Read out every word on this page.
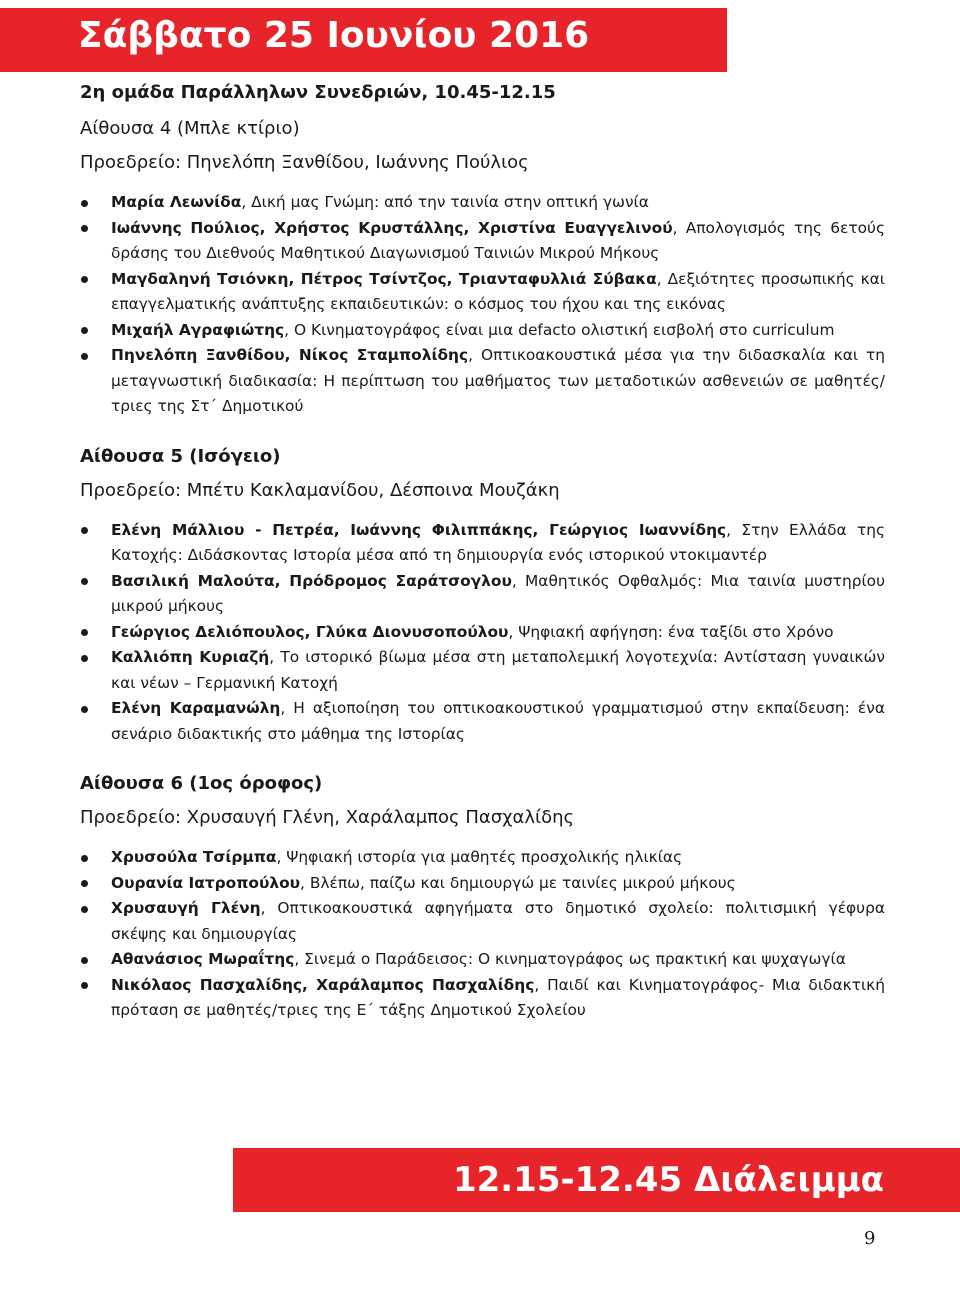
Σάββατο 25 Ιουνίου 2016
2η ομάδα Παράλληλων Συνεδριών, 10.45-12.15
Αίθουσα 4 (Μπλε κτίριο)

Προεδρείο: Πηνελόπη Ξανθίδου, Ιωάννης Πούλιος

Μαρία Λεωνίδα, Δική μας Γνώμη: από την ταινία στην οπτική γωνία
Ιωάννης Πούλιος, Χρήστος Κρυστάλλης, Χριστίνα Ευαγγελινού, Απολογισμός της 6ετούς δράσης του Διεθνούς Μαθητικού Διαγωνισμού Ταινιών Μικρού Μήκους
Μαγδαληνή Τσιόνκη, Πέτρος Τσίντζος, Τριανταφυλλιά Σύβακα, Δεξιότητες προσωπικής και επαγγελματικής ανάπτυξης εκπαιδευτικών: ο κόσμος του ήχου και της εικόνας
Μιχαήλ Αγραφιώτης, Ο Κινηματογράφος είναι μια defacto ολιστική εισβολή στο curriculum
Πηνελόπη Ξανθίδου, Νίκος Σταμπολίδης, Οπτικοακουστικά μέσα για την διδασκαλία και τη μεταγνωστική διαδικασία: Η περίπτωση του μαθήματος των μεταδοτικών ασθενειών σε μαθητές/ τριες της Στ΄ Δημοτικού
Αίθουσα 5 (Ισόγειο)

Προεδρείο: Μπέτυ Κακλαμανίδου, Δέσποινα Μουζάκη

Ελένη Μάλλιου - Πετρέα, Ιωάννης Φιλιππάκης, Γεώργιος Ιωαννίδης, Στην Ελλάδα της Κατοχής: Διδάσκοντας Ιστορία μέσα από τη δημιουργία ενός ιστορικού ντοκιμαντέρ
Βασιλική Μαλούτα, Πρόδρομος Σαράτσογλου, Μαθητικός Οφθαλμός: Μια ταινία μυστηρίου μικρού μήκους
Γεώργιος Δελιόπουλος, Γλύκα Διονυσοπούλου, Ψηφιακή αφήγηση: ένα ταξίδι στο Χρόνο
Καλλιόπη Κυριαζή, Το ιστορικό βίωμα μέσα στη μεταπολεμική λογοτεχνία: Αντίσταση γυναικών και νέων – Γερμανική Κατοχή
Ελένη Καραμανώλη, Η αξιοποίηση του οπτικοακουστικού γραμματισμού στην εκπαίδευση: ένα σενάριο διδακτικής στο μάθημα της Ιστορίας
Αίθουσα 6 (1ος όροφος)

Προεδρείο: Χρυσαυγή Γλένη, Χαράλαμπος Πασχαλίδης

Χρυσούλα Τσίρμπα, Ψηφιακή ιστορία για μαθητές προσχολικής ηλικίας
Ουρανία Ιατροπούλου, Βλέπω, παίζω και δημιουργώ με ταινίες μικρού μήκους
Χρυσαυγή Γλένη, Οπτικοακουστικά αφηγήματα στο δημοτικό σχολείο: πολιτισμική γέφυρα σκέψης και δημιουργίας
Αθανάσιος Μωραΐτης, Σινεμά ο Παράδεισος: Ο κινηματογράφος ως πρακτική και ψυχαγωγία
Νικόλαος Πασχαλίδης, Χαράλαμπος Πασχαλίδης, Παιδί και Κινηματογράφος- Μια διδακτική πρόταση σε μαθητές/τριες της Ε΄ τάξης Δημοτικού Σχολείου
12.15-12.45 Διάλειμμα
9
